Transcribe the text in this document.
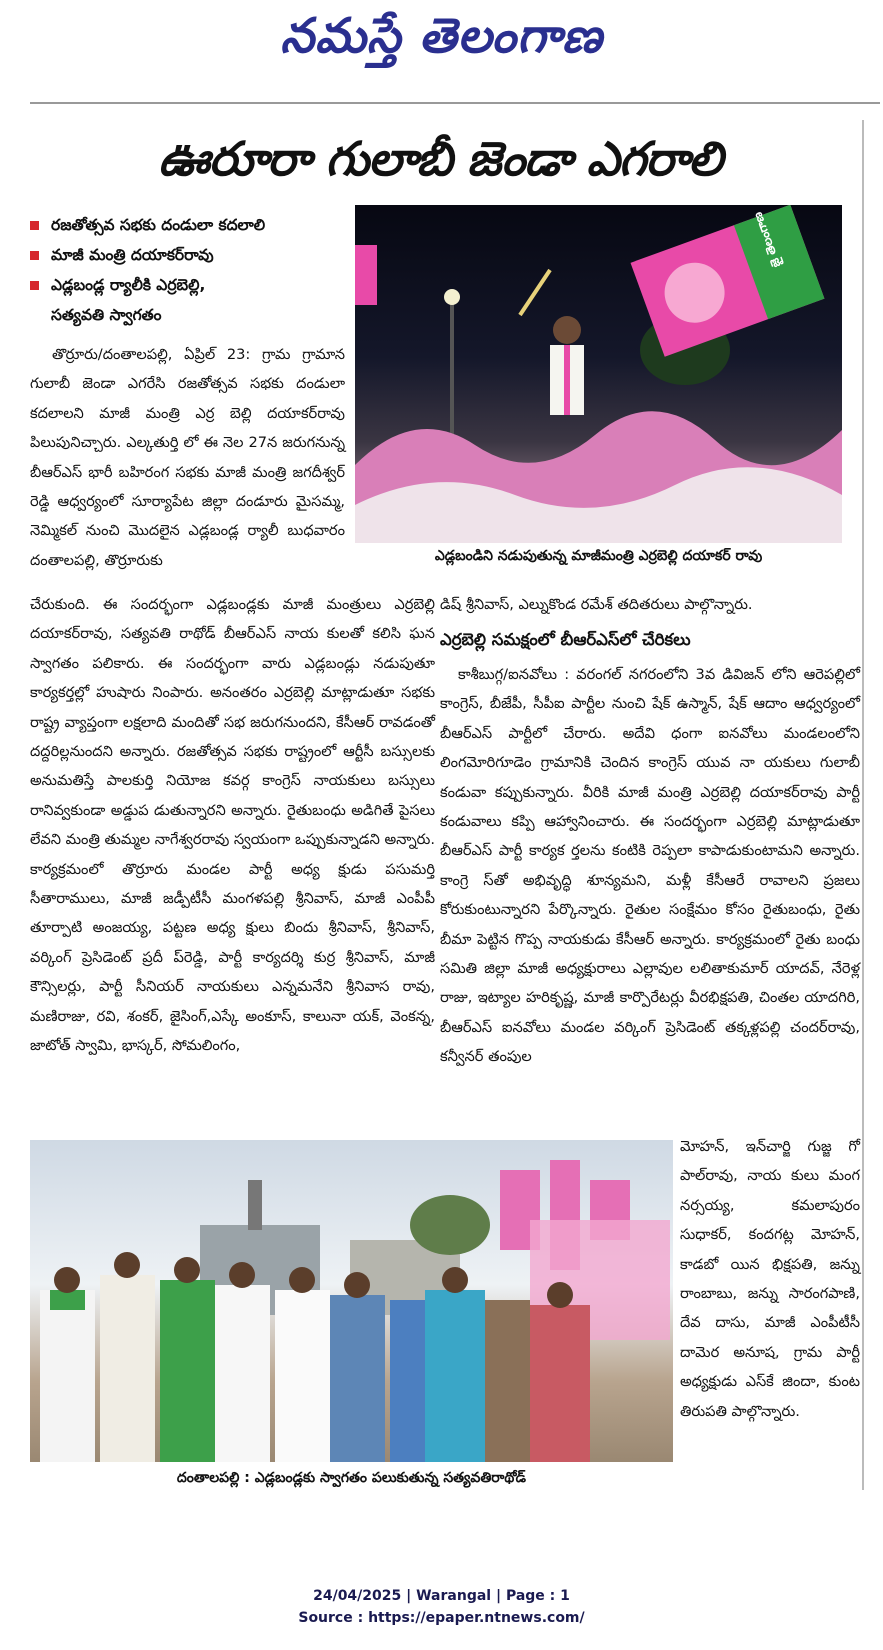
నమస్తే తెలంగాణ
ఊరూరా గులాబీ జెండా ఎగరాలి
రజతోత్సవ సభకు దండులా కదలాలి
మాజీ మంత్రి దయాకర్‌రావు
ఎడ్లబండ్ల ర్యాలీకి ఎర్రబెల్లి,
సత్యవతి స్వాగతం
జై తెలంగాణ
ఎడ్లబండిని నడుపుతున్న మాజీమంత్రి ఎర్రబెల్లి దయాకర్ రావు
తొర్రూరు/దంతాలపల్లి, ఏప్రిల్ 23: గ్రామ గ్రామాన గులాబీ జెండా ఎగరేసి రజతోత్సవ సభకు దండులా కదలాలని మాజీ మంత్రి ఎర్ర బెల్లి దయాకర్‌రావు పిలుపునిచ్చారు. ఎల్కతుర్తి లో ఈ నెల 27న జరుగనున్న బీఆర్‌ఎస్ భారీ బహిరంగ సభకు మాజీ మంత్రి జగదీశ్వర్ రెడ్డి ఆధ్వర్యంలో సూర్యాపేట జిల్లా దండూరు మైసమ్మ, నెమ్మికల్ నుంచి మొదలైన ఎడ్లబండ్ల ర్యాలీ బుధవారం దంతాలపల్లి, తొర్రూరుకు
చేరుకుంది. ఈ సందర్భంగా ఎడ్లబండ్లకు మాజీ మంత్రులు ఎర్రబెల్లి దయాకర్‌రావు, సత్యవతి రాథోడ్ బీఆర్‌ఎస్ నాయ కులతో కలిసి ఘన స్వాగతం పలికారు. ఈ సందర్భంగా వారు ఎడ్లబండ్లు నడుపుతూ కార్యకర్తల్లో హుషారు నింపారు. అనంతరం ఎర్రబెల్లి మాట్లాడుతూ సభకు రాష్ట్ర వ్యాప్తంగా లక్షలాది మందితో సభ జరుగనుందని, కేసీఆర్ రావడంతో దద్దరిల్లనుందని అన్నారు. రజతోత్సవ సభకు రాష్ట్రంలో ఆర్టీసీ బస్సులకు అనుమతిస్తే పాలకుర్తి నియోజ కవర్గ కాంగ్రెస్ నాయకులు బస్సులు రానివ్వకుండా అడ్డుప డుతున్నారని అన్నారు. రైతుబంధు అడిగితే పైసలు లేవని మంత్రి తుమ్మల నాగేశ్వరరావు స్వయంగా ఒప్పుకున్నాడని అన్నారు. కార్యక్రమంలో తొర్రూరు మండల పార్టీ అధ్య క్షుడు పసుమర్తి సీతారాములు, మాజీ జడ్పీటీసీ మంగళపల్లి శ్రీనివాస్, మాజీ ఎంపీపీ తూర్పాటి అంజయ్య, పట్టణ అధ్య క్షులు బిందు శ్రీనివాస్, శ్రీనివాస్, వర్కింగ్ ప్రెసిడెంట్ ప్రదీ ప్‌రెడ్డి, పార్టీ కార్యదర్శి కుర్ర శ్రీనివాస్, మాజీ కౌన్సిలర్లు, పార్టీ సీనియర్ నాయకులు ఎన్నమనేని శ్రీనివాస రావు, మణిరాజు, రవి, శంకర్, జైసింగ్,ఎస్కే అంకూస్, కాలునా యక్, వెంకన్న, జాటోత్ స్వామి, భాస్కర్, సోమలింగం,
డిష్ శ్రీనివాస్, ఎల్నుకొండ రమేశ్ తదితరులు పాల్గొన్నారు.
ఎర్రబెల్లి సమక్షంలో బీఆర్‌ఎస్‌లో చేరికలు
కాశీబుగ్గ/ఐనవోలు : వరంగల్ నగరంలోని 3వ డివిజన్ లోని ఆరెపల్లిలో కాంగ్రెస్, బీజేపీ, సీపీఐ పార్టీల నుంచి షేక్ ఉస్మాన్, షేక్ ఆదాం ఆధ్వర్యంలో బీఆర్‌ఎస్ పార్టీలో చేరారు. అదేవి ధంగా ఐనవోలు మండలంలోని లింగమోరిగూడెం గ్రామానికి చెందిన కాంగ్రెస్ యువ నా యకులు గులాబీ కండువా కప్పుకున్నారు. వీరికి మాజీ మంత్రి ఎర్రబెల్లి దయాకర్‌రావు పార్టీ కండువాలు కప్పి ఆహ్వానించారు. ఈ సందర్భంగా ఎర్రబెల్లి మాట్లాడుతూ బీఆర్‌ఎస్ పార్టీ కార్యక ర్తలను కంటికి రెప్పలా కాపాడుకుంటామని అన్నారు. కాంగ్రె స్‌తో అభివృద్ధి శూన్యమని, మళ్లీ కేసీఆరే రావాలని ప్రజలు కోరుకుంటున్నారని పేర్కొన్నారు. రైతుల సంక్షేమం కోసం రైతుబంధు, రైతు బీమా పెట్టిన గొప్ప నాయకుడు కేసీఆర్ అన్నారు. కార్యక్రమంలో రైతు బంధు సమితి జిల్లా మాజీ అధ్యక్షురాలు ఎల్లావుల లలితాకుమార్ యాదవ్, నేరెళ్ల రాజు, ఇట్యాల హరికృష్ణ, మాజీ కార్పొరేటర్లు వీరభిక్షపతి, చింతల యాదగిరి, బీఆర్‌ఎస్ ఐనవోలు మండల వర్కింగ్ ప్రెసిడెంట్ తక్కళ్లపల్లి చందర్‌రావు, కన్వీనర్ తంపుల
మోహన్, ఇన్‌చార్జి గుజ్జ గో పాల్‌రావు, నాయ కులు మంగ నర్సయ్య, కమలాపురం సుధాకర్, కందగట్ల మోహన్, కాడబో యిన భిక్షపతి, జన్ను రాంబాబు, జన్ను సారంగపాణి, దేవ దాసు, మాజీ ఎంపీటీసీ దామెర అనూష, గ్రామ పార్టీ అధ్యక్షుడు ఎస్‌కే జిందా, కుంట తిరుపతి పాల్గొన్నారు.
దంతాలపల్లి : ఎడ్లబండ్లకు స్వాగతం పలుకుతున్న సత్యవతిరాథోడ్
24/04/2025 | Warangal | Page : 1
Source : https://epaper.ntnews.com/
